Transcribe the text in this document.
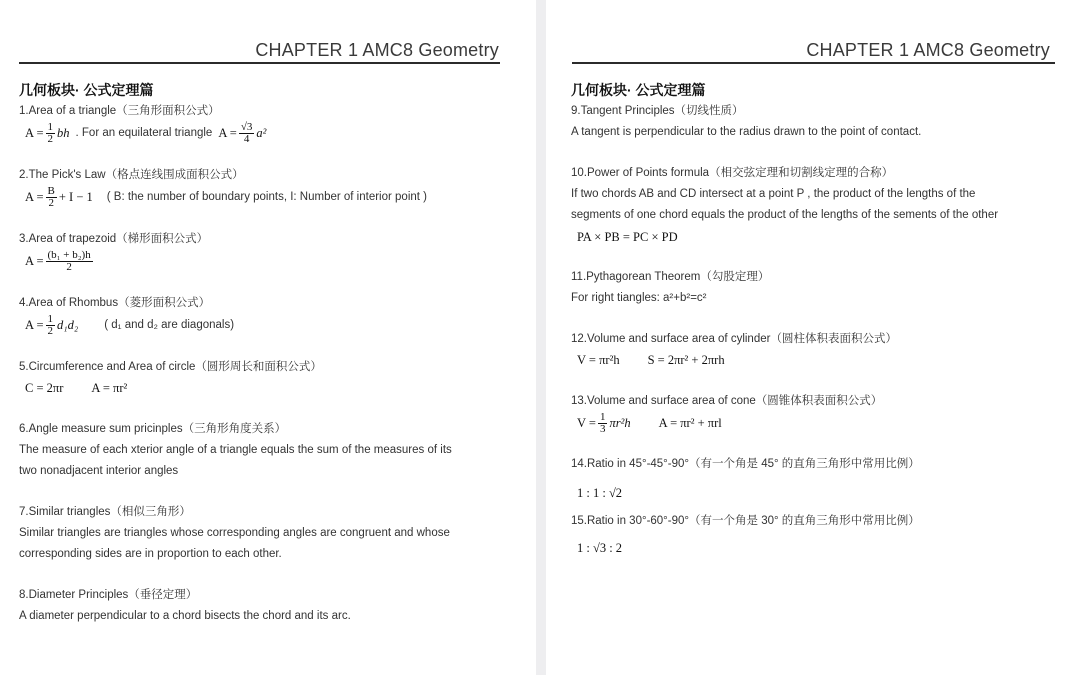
CHAPTER 1 AMC8 Geometry
几何板块· 公式定理篇
1.Area of a triangle（三角形面积公式）
$A = \frac{1}{2}$ bh . For an equilateral triangle $A = \frac{√3}{4} a^2$
2.The Pick's Law（格点连线围成面积公式）
$A = \frac{B}{2} + I - 1$ ( B: the number of boundary points, I: Number of interior point )
3.Area of trapezoid（梯形面积公式）
$A = \frac{\text{(b₁ + b₂)h}}{2}$
4.Area of Rhombus（菱形面积公式）
$A = \frac{1}{2} d_1d_2$ ( d₁ and d₂ are diagonals)
5.Circumference and Area of circle（圆形周长和面积公式）
C = 2πr A = πr²
6.Angle measure sum pricinples（三角形角度关系）
The measure of each xterior angle of a triangle equals the sum of the measures of its
two nonadjacent interior angles
7.Similar triangles（相似三角形）
Similar triangles are triangles whose corresponding angles are congruent and whose
corresponding sides are in proportion to each other.
8.Diameter Principles（垂径定理）
A diameter perpendicular to a chord bisects the chord and its arc.
CHAPTER 1 AMC8 Geometry
几何板块· 公式定理篇
9.Tangent Principles（切线性质）
A tangent is perpendicular to the radius drawn to the point of contact.
10.Power of Points formula（相交弦定理和切割线定理的合称）
If two chords AB and CD intersect at a point P , the product of the lengths of the
segments of one chord equals the product of the lengths of the sements of the other
PA × PB = PC × PD
11.Pythagorean Theorem（勾股定理）
For right tiangles: a²+b²=c²
12.Volume and surface area of cylinder（圆柱体积表面积公式）
V = πr²h S = 2πr² + 2πrh
13.Volume and surface area of cone（圆锥体积表面积公式）
$V = \frac{1}{3} \pi r^2h$ A = πr² + πrl
14.Ratio in 45°-45°-90°（有一个角是 45° 的直角三角形中常用比例）
1 : 1 : √2
15.Ratio in 30°-60°-90°（有一个角是 30° 的直角三角形中常用比例）
1 : √3 : 2
